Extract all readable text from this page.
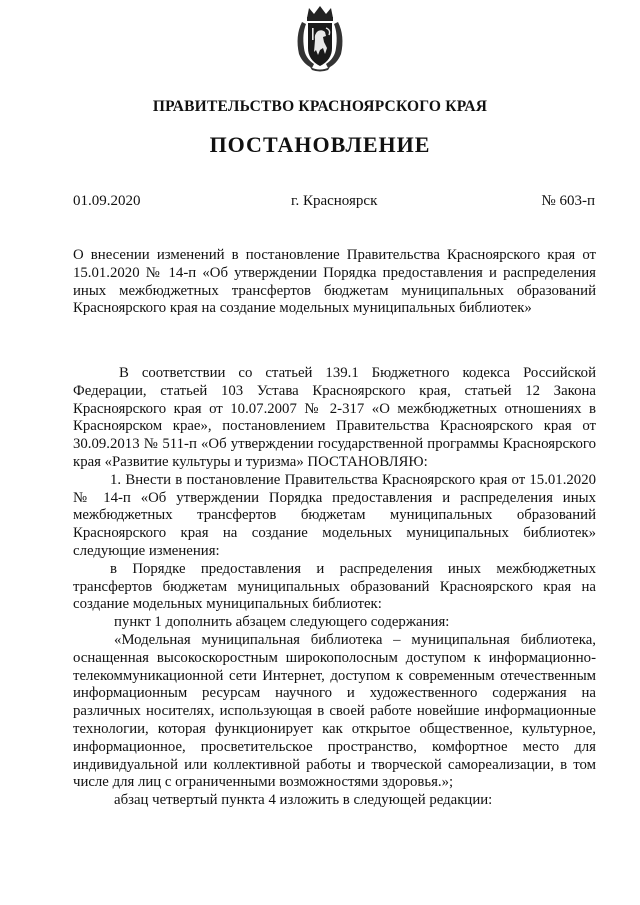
ПРАВИТЕЛЬСТВО КРАСНОЯРСКОГО КРАЯ
ПОСТАНОВЛЕНИЕ
01.09.2020	г. Красноярск	№ 603-п
О внесении изменений в постановление Правительства Красноярского края от 15.01.2020 № 14-п «Об утверждении Порядка предоставления и распределения иных межбюджетных трансфертов бюджетам муниципальных образований Красноярского края на создание модельных муниципальных библиотек»

В соответствии со статьей 139.1 Бюджетного кодекса Российской Федерации, статьей 103 Устава Красноярского края, статьей 12 Закона Красноярского края от 10.07.2007 № 2-317 «О межбюджетных отношениях в Красноярском крае», постановлением Правительства Красноярского края от 30.09.2013 № 511-п «Об утверждении государственной программы Красноярского края «Развитие культуры и туризма» ПОСТАНОВЛЯЮ:

1. Внести в постановление Правительства Красноярского края от 15.01.2020 № 14-п «Об утверждении Порядка предоставления и распределения иных межбюджетных трансфертов бюджетам муниципальных образований Красноярского края на создание модельных муниципальных библиотек» следующие изменения:

в Порядке предоставления и распределения иных межбюджетных трансфертов бюджетам муниципальных образований Красноярского края на создание модельных муниципальных библиотек:

пункт 1 дополнить абзацем следующего содержания:

«Модельная муниципальная библиотека – муниципальная библиотека, оснащенная высокоскоростным широкополосным доступом к информационно-телекоммуникационной сети Интернет, доступом к современным отечественным информационным ресурсам научного и художественного содержания на различных носителях, использующая в своей работе новейшие информационные технологии, которая функционирует как открытое общественное, культурное, информационное, просветительское пространство, комфортное место для индивидуальной или коллективной работы и творческой самореализации, в том числе для лиц с ограниченными возможностями здоровья.»;

абзац четвертый пункта 4 изложить в следующей редакции:
